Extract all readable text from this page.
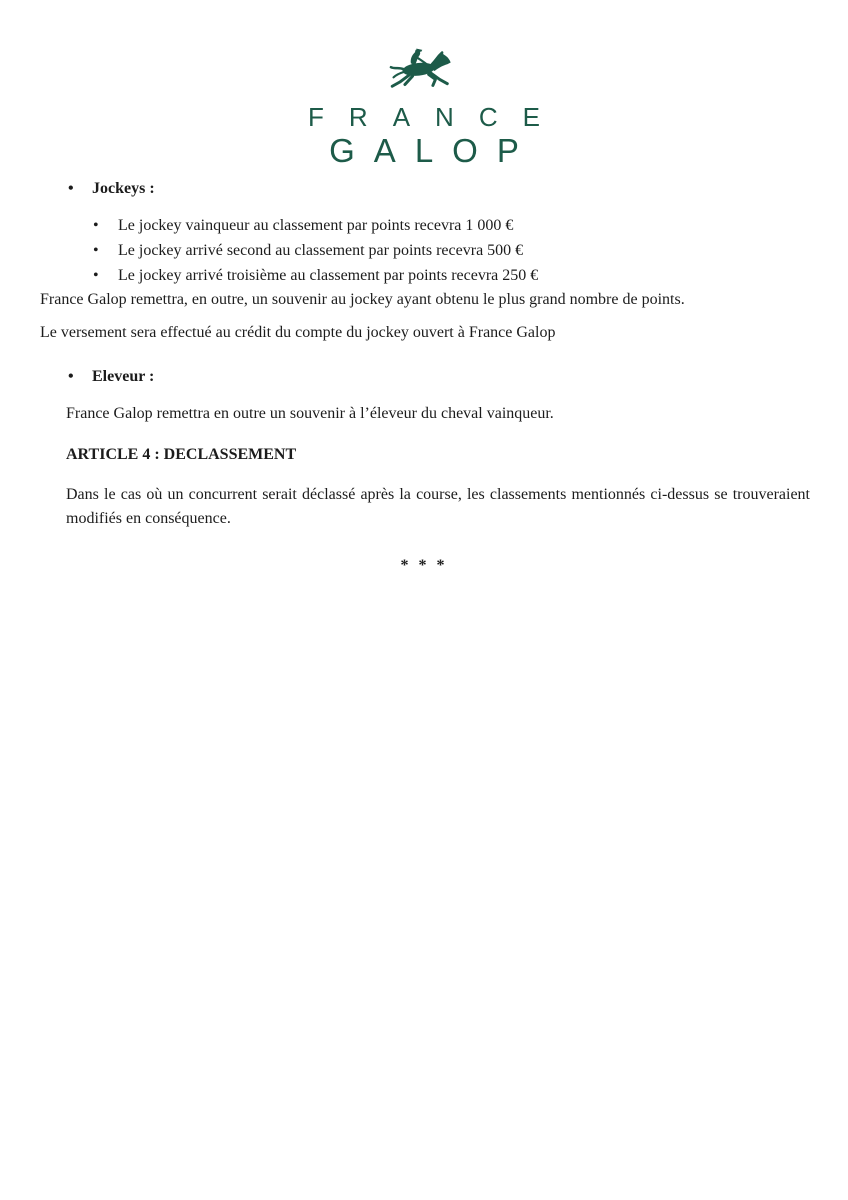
FRANCE
GALOP
•	Jockeys :
•	Le jockey vainqueur au classement par points recevra 1 000 €
•	Le jockey arrivé second au classement par points recevra 500 €
•	Le jockey arrivé troisième au classement par points recevra 250 €

France Galop remettra, en outre, un souvenir au jockey ayant obtenu le plus grand nombre de points.

Le versement sera effectué au crédit du compte du jockey ouvert à France Galop

•	Eleveur :

France Galop remettra en outre un souvenir à l’éleveur du cheval vainqueur.

ARTICLE 4 : DECLASSEMENT

Dans le cas où un concurrent serait déclassé après la course, les classements mentionnés ci-dessus se trouveraient modifiés en conséquence.

* * *
